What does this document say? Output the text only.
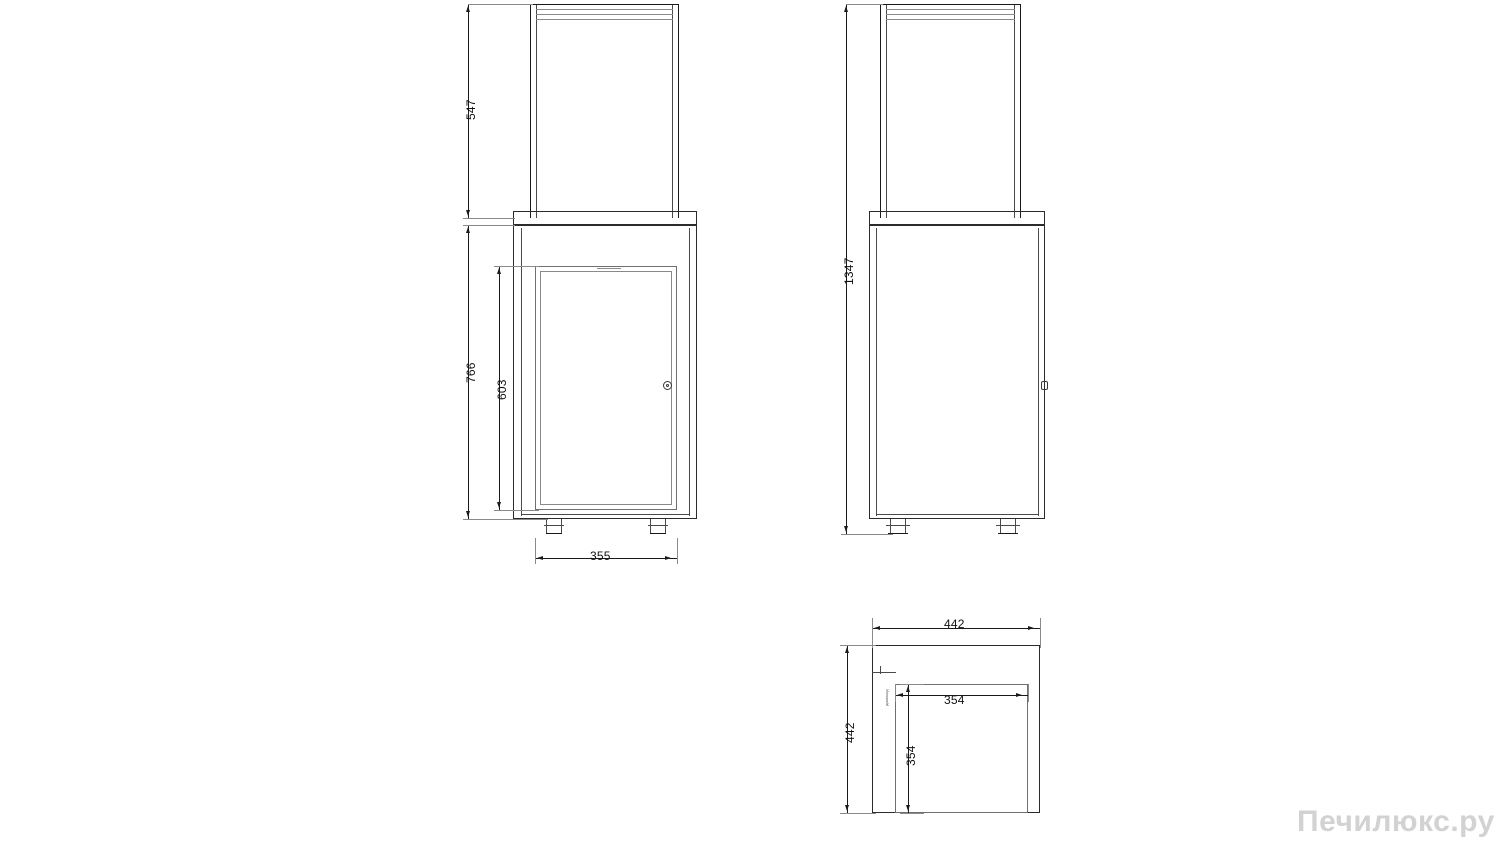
547
766
603
355
1347
дымоход
442
442
354
354
Печилюкс.ру
